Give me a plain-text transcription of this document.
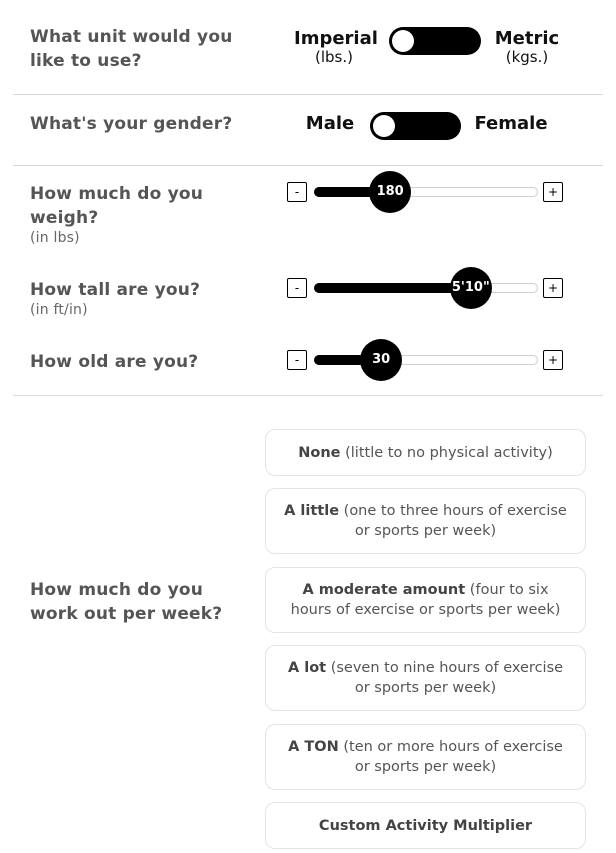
What unit would you like to use?
Imperial
(lbs.)
Metric
(kgs.)
What's your gender?	Male	Female
How much do you weigh?
(in lbs)
-	180	+
How tall are you?
(in ft/in)
-	5'10"	+
How old are you?	-	30	+
How much do you work out per week?
None (little to no physical activity)
A little (one to three hours of exercise or sports per week)
A moderate amount (four to six hours of exercise or sports per week)
A lot (seven to nine hours of exercise or sports per week)
A TON (ten or more hours of exercise or sports per week)
Custom Activity Multiplier
